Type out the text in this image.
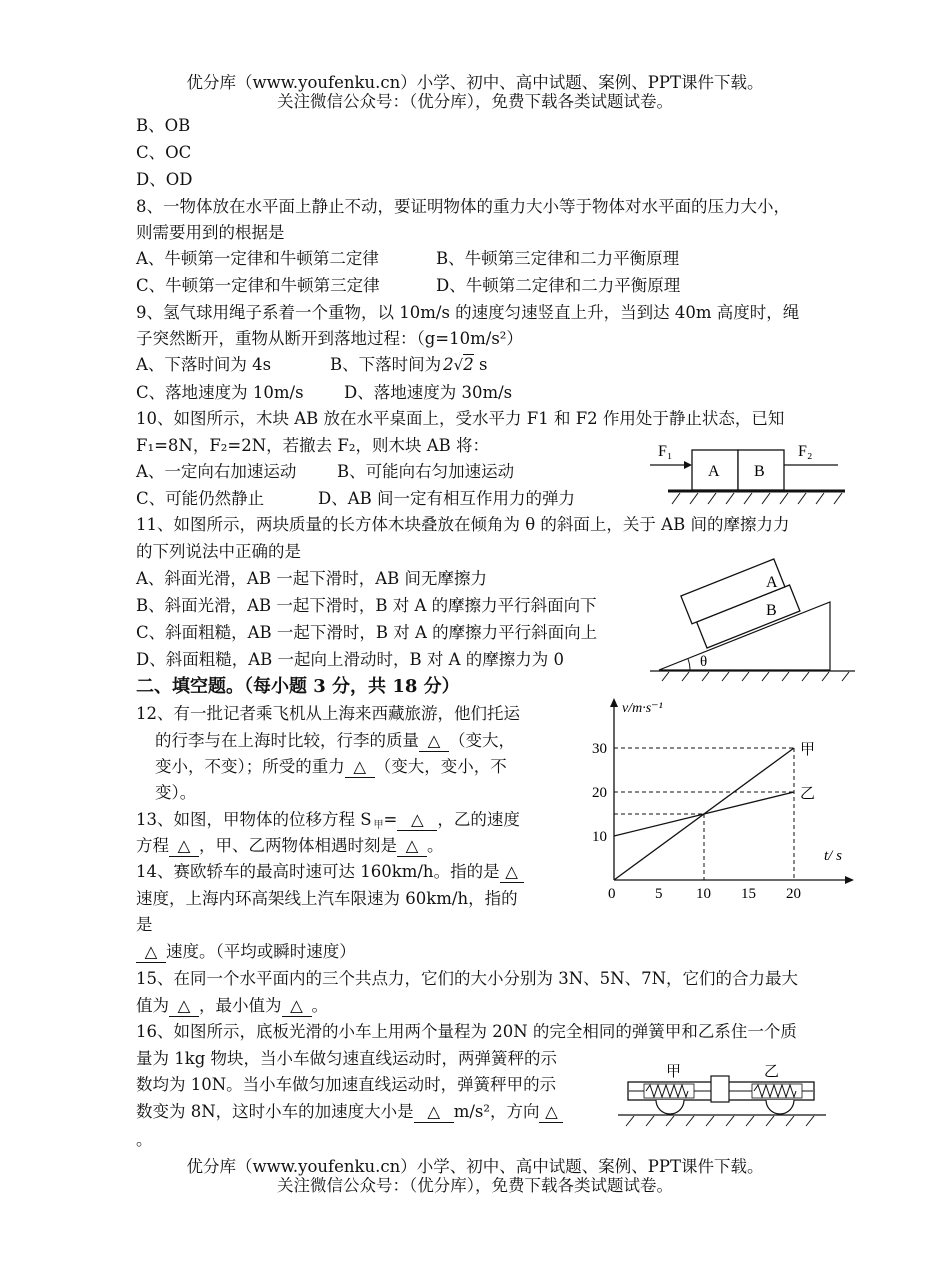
优分库（www.youfenku.cn）小学、初中、高中试题、案例、PPT课件下载。
关注微信公众号：（优分库），免费下载各类试题试卷。
B、OB
C、OC
D、OD
8、一物体放在水平面上静止不动，要证明物体的重力大小等于物体对水平面的压力大小，
则需要用到的根据是
A、牛顿第一定律和牛顿第二定律	B、牛顿第三定律和二力平衡原理
C、牛顿第一定律和牛顿第三定律	D、牛顿第二定律和二力平衡原理
9、氢气球用绳子系着一个重物，以 10m/s 的速度匀速竖直上升，当到达 40m 高度时，绳
子突然断开，重物从断开到落地过程：（g=10m/s²）
A、下落时间为 4s	B、下落时间为 2√2 s
C、落地速度为 10m/s D、落地速度为 30m/s
10、如图所示，木块 AB 放在水平桌面上，受水平力 F1 和 F2 作用处于静止状态，已知
F₁=8N，F₂=2N，若撤去 F₂，则木块 AB 将：
A、一定向右加速运动 B、可能向右匀加速运动
C、可能仍然静止	D、AB 间一定有相互作用力的弹力
F₁	F₂
A B
11、如图所示，两块质量的长方体木块叠放在倾角为 θ 的斜面上，关于 AB 间的摩擦力力
的下列说法中正确的是
A、斜面光滑，AB 一起下滑时，AB 间无摩擦力
B、斜面光滑，AB 一起下滑时，B 对 A 的摩擦力平行斜面向下
C、斜面粗糙，AB 一起下滑时，B 对 A 的摩擦力平行斜面向上
D、斜面粗糙，AB 一起向上滑动时，B 对 A 的摩擦力为 0
A
B
θ
二、填空题。（每小题 3 分，共 18 分）
12、有一批记者乘飞机从上海来西藏旅游，他们托运
的行李与在上海时比较，行李的质量 △ （变大，
变小，不变）；所受的重力 △ （变大，变小，不
变）。
13、如图，甲物体的位移方程 S 甲= △ ，乙的速度
方程 △ ，甲、乙两物体相遇时刻是 △ 。
14、赛欧轿车的最高时速可达 160km/h。指的是 △
速度，上海内环高架线上汽车限速为 60km/h，指的
是
△ 速度。（平均或瞬时速度）
v/m·s⁻¹
t/ s
0	5 10 15 20
10
20
30	甲
乙
15、在同一个水平面内的三个共点力，它们的大小分别为 3N、5N、7N，它们的合力最大
值为 △ ，最小值为 △ 。
16、如图所示，底板光滑的小车上用两个量程为 20N 的完全相同的弹簧甲和乙系住一个质
量为 1kg 物块，当小车做匀速直线运动时，两弹簧秤的示
数均为 10N。当小车做匀加速直线运动时，弹簧秤甲的示
数变为 8N，这时小车的加速度大小是 △ m/s²，方向 △
。
甲	乙
优分库（www.youfenku.cn）小学、初中、高中试题、案例、PPT课件下载。
关注微信公众号：（优分库），免费下载各类试题试卷。
